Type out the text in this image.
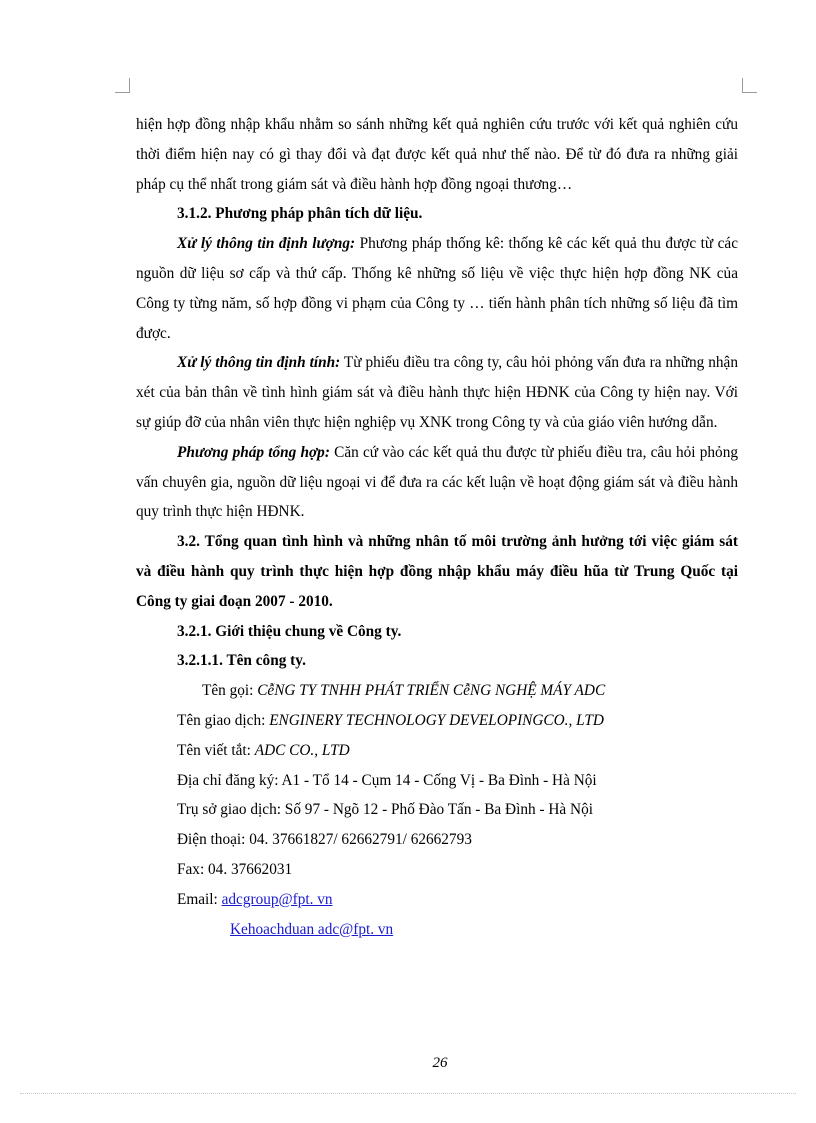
hiện hợp đồng nhập khẩu nhằm so sánh những kết quả nghiên cứu trước với kết quả nghiên cứu thời điểm hiện nay có gì thay đổi và đạt được kết quả như thế nào. Để từ đó đưa ra những giải pháp cụ thể nhất trong giám sát và điều hành hợp đồng ngoại thương…

3.1.2. Phương pháp phân tích dữ liệu.

Xử lý thông tin định lượng: Phương pháp thống kê: thống kê các kết quả thu được từ các nguồn dữ liệu sơ cấp và thứ cấp. Thống kê những số liệu về việc thực hiện hợp đồng NK của Công ty từng năm, số hợp đồng vi phạm của Công ty … tiến hành phân tích những số liệu đã tìm được.

Xử lý thông tin định tính: Từ phiếu điều tra công ty, câu hỏi phỏng vấn đưa ra những nhận xét của bản thân về tình hình giám sát và điều hành thực hiện HĐNK của Công ty hiện nay. Với sự giúp đỡ của nhân viên thực hiện nghiệp vụ XNK trong Công ty và của giáo viên hướng dẫn.

Phương pháp tổng hợp: Căn cứ vào các kết quả thu được từ phiếu điều tra, câu hỏi phỏng vấn chuyên gia, nguồn dữ liệu ngoại vi để đưa ra các kết luận về hoạt động giám sát và điều hành quy trình thực hiện HĐNK.

3.2. Tổng quan tình hình và những nhân tố môi trường ảnh hưởng tới việc giám sát và điều hành quy trình thực hiện hợp đồng nhập khẩu máy điều hũa từ Trung Quốc tại Công ty giai đoạn 2007 - 2010.

3.2.1. Giới thiệu chung về Công ty.

3.2.1.1. Tên công ty.

Tên gọi: CễNG TY TNHH PHÁT TRIỂN CễNG NGHỆ MÁY ADC

Tên giao dịch: ENGINERY TECHNOLOGY DEVELOPINGCO., LTD

Tên viết tắt: ADC CO., LTD

Địa chỉ đăng ký: A1 - Tổ 14 - Cụm 14 - Cống Vị - Ba Đình - Hà Nội

Trụ sở giao dịch: Số 97 - Ngõ 12 - Phố Đào Tấn - Ba Đình - Hà Nội

Điện thoại: 04. 37661827/ 62662791/ 62662793

Fax: 04. 37662031

Email: adcgroup@fpt. vn

Kehoachduan adc@fpt. vn

26
